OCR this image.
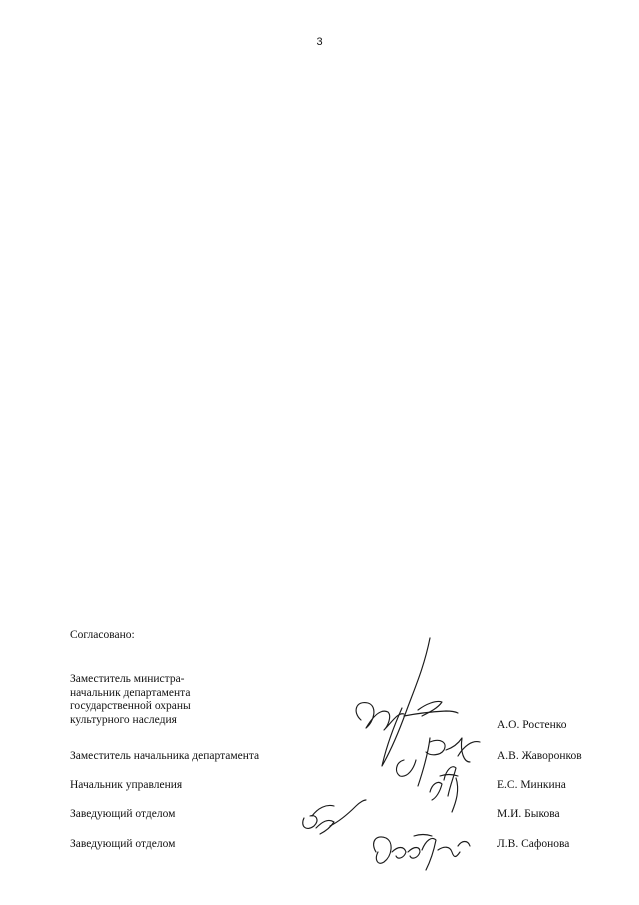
3
Согласовано:
Заместитель министра-
начальник департамента
государственной охраны
культурного наследия	А.О. Ростенко
Заместитель начальника департамента	А.В. Жаворонков
Начальник управления	Е.С. Минкина
Заведующий отделом	М.И. Быкова
Заведующий отделом	Л.В. Сафонова
